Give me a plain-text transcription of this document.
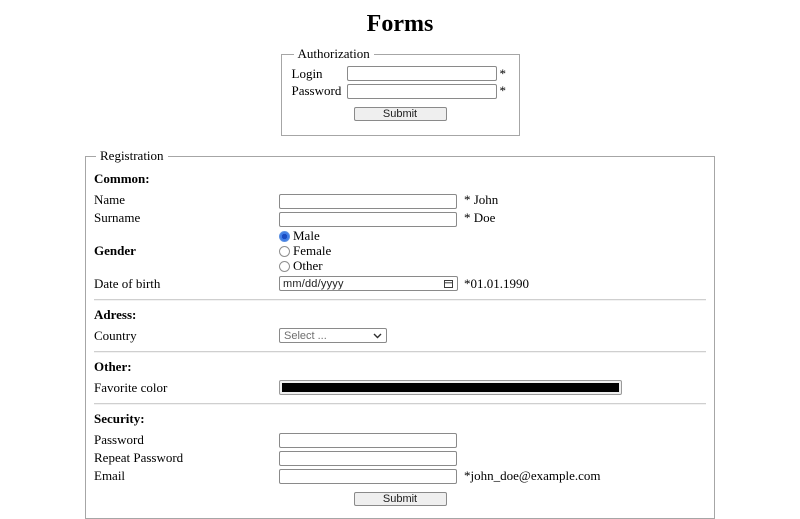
Forms
Authorization
Login	*
Password	*
Submit
Registration
Common:
Name	* John
Surname	* Doe
Gender
Male
Female
Other
Date of birth	mm/dd/yyyy	*01.01.1990
Adress:
Country	Select ...
Other:
Favorite color
Security:
Password
Repeat Password
Email	*john_doe@example.com
Submit
